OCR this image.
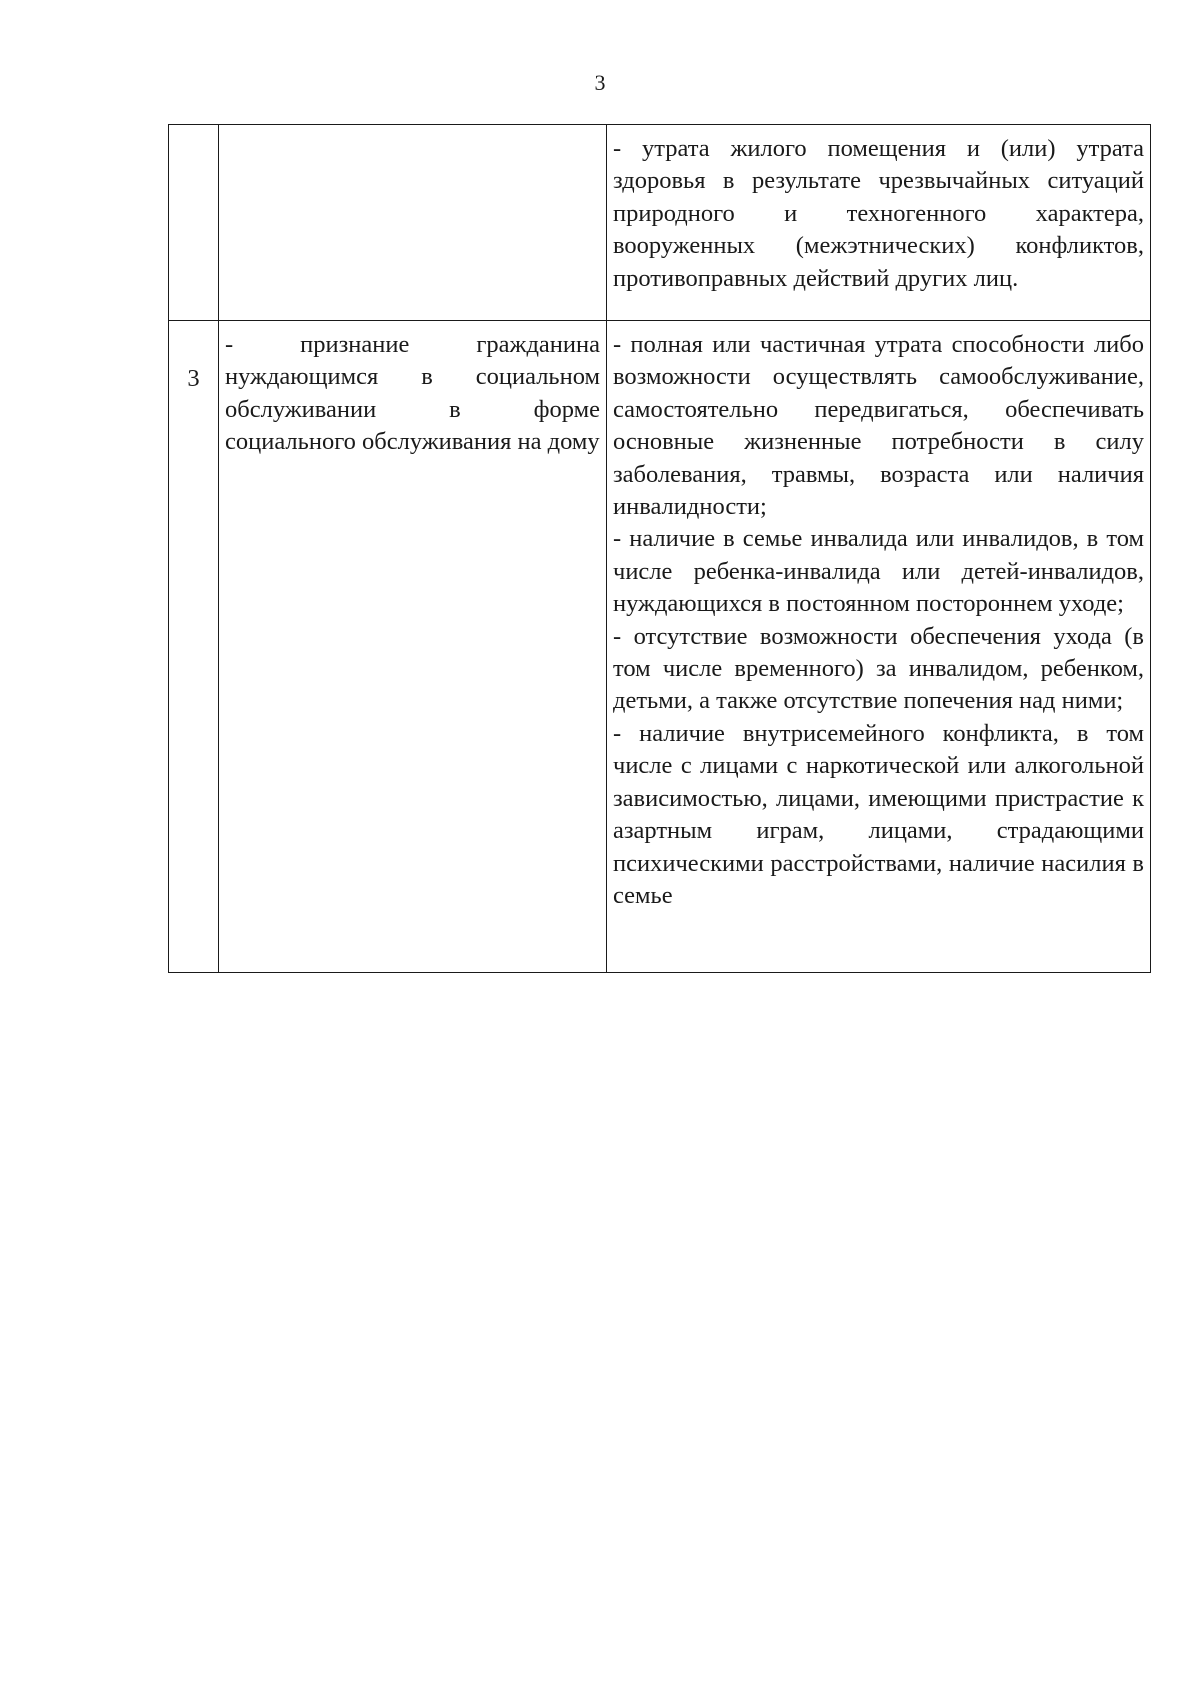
3

		- утрата жилого помещения и (или) утрата здоровья в результате чрезвычайных ситуаций природного и техногенного характера, вооруженных (межэтнических) конфликтов, противоправных действий других лиц.

3	- признание гражданина нуждающимся в социальном обслуживании в форме социального обслуживания на дому	- полная или частичная утрата способности либо возможности осуществлять самообслуживание, самостоятельно передвигаться, обеспечивать основные жизненные потребности в силу заболевания, травмы, возраста или наличия инвалидности;
- наличие в семье инвалида или инвалидов, в том числе ребенка-инвалида или детей-инвалидов, нуждающихся в постоянном постороннем уходе;
- отсутствие возможности обеспечения ухода (в том числе временного) за инвалидом, ребенком, детьми, а также отсутствие попечения над ними;
- наличие внутрисемейного конфликта, в том числе с лицами с наркотической или алкогольной зависимостью, лицами, имеющими пристрастие к азартным играм, лицами, страдающими психическими расстройствами, наличие насилия в семье
